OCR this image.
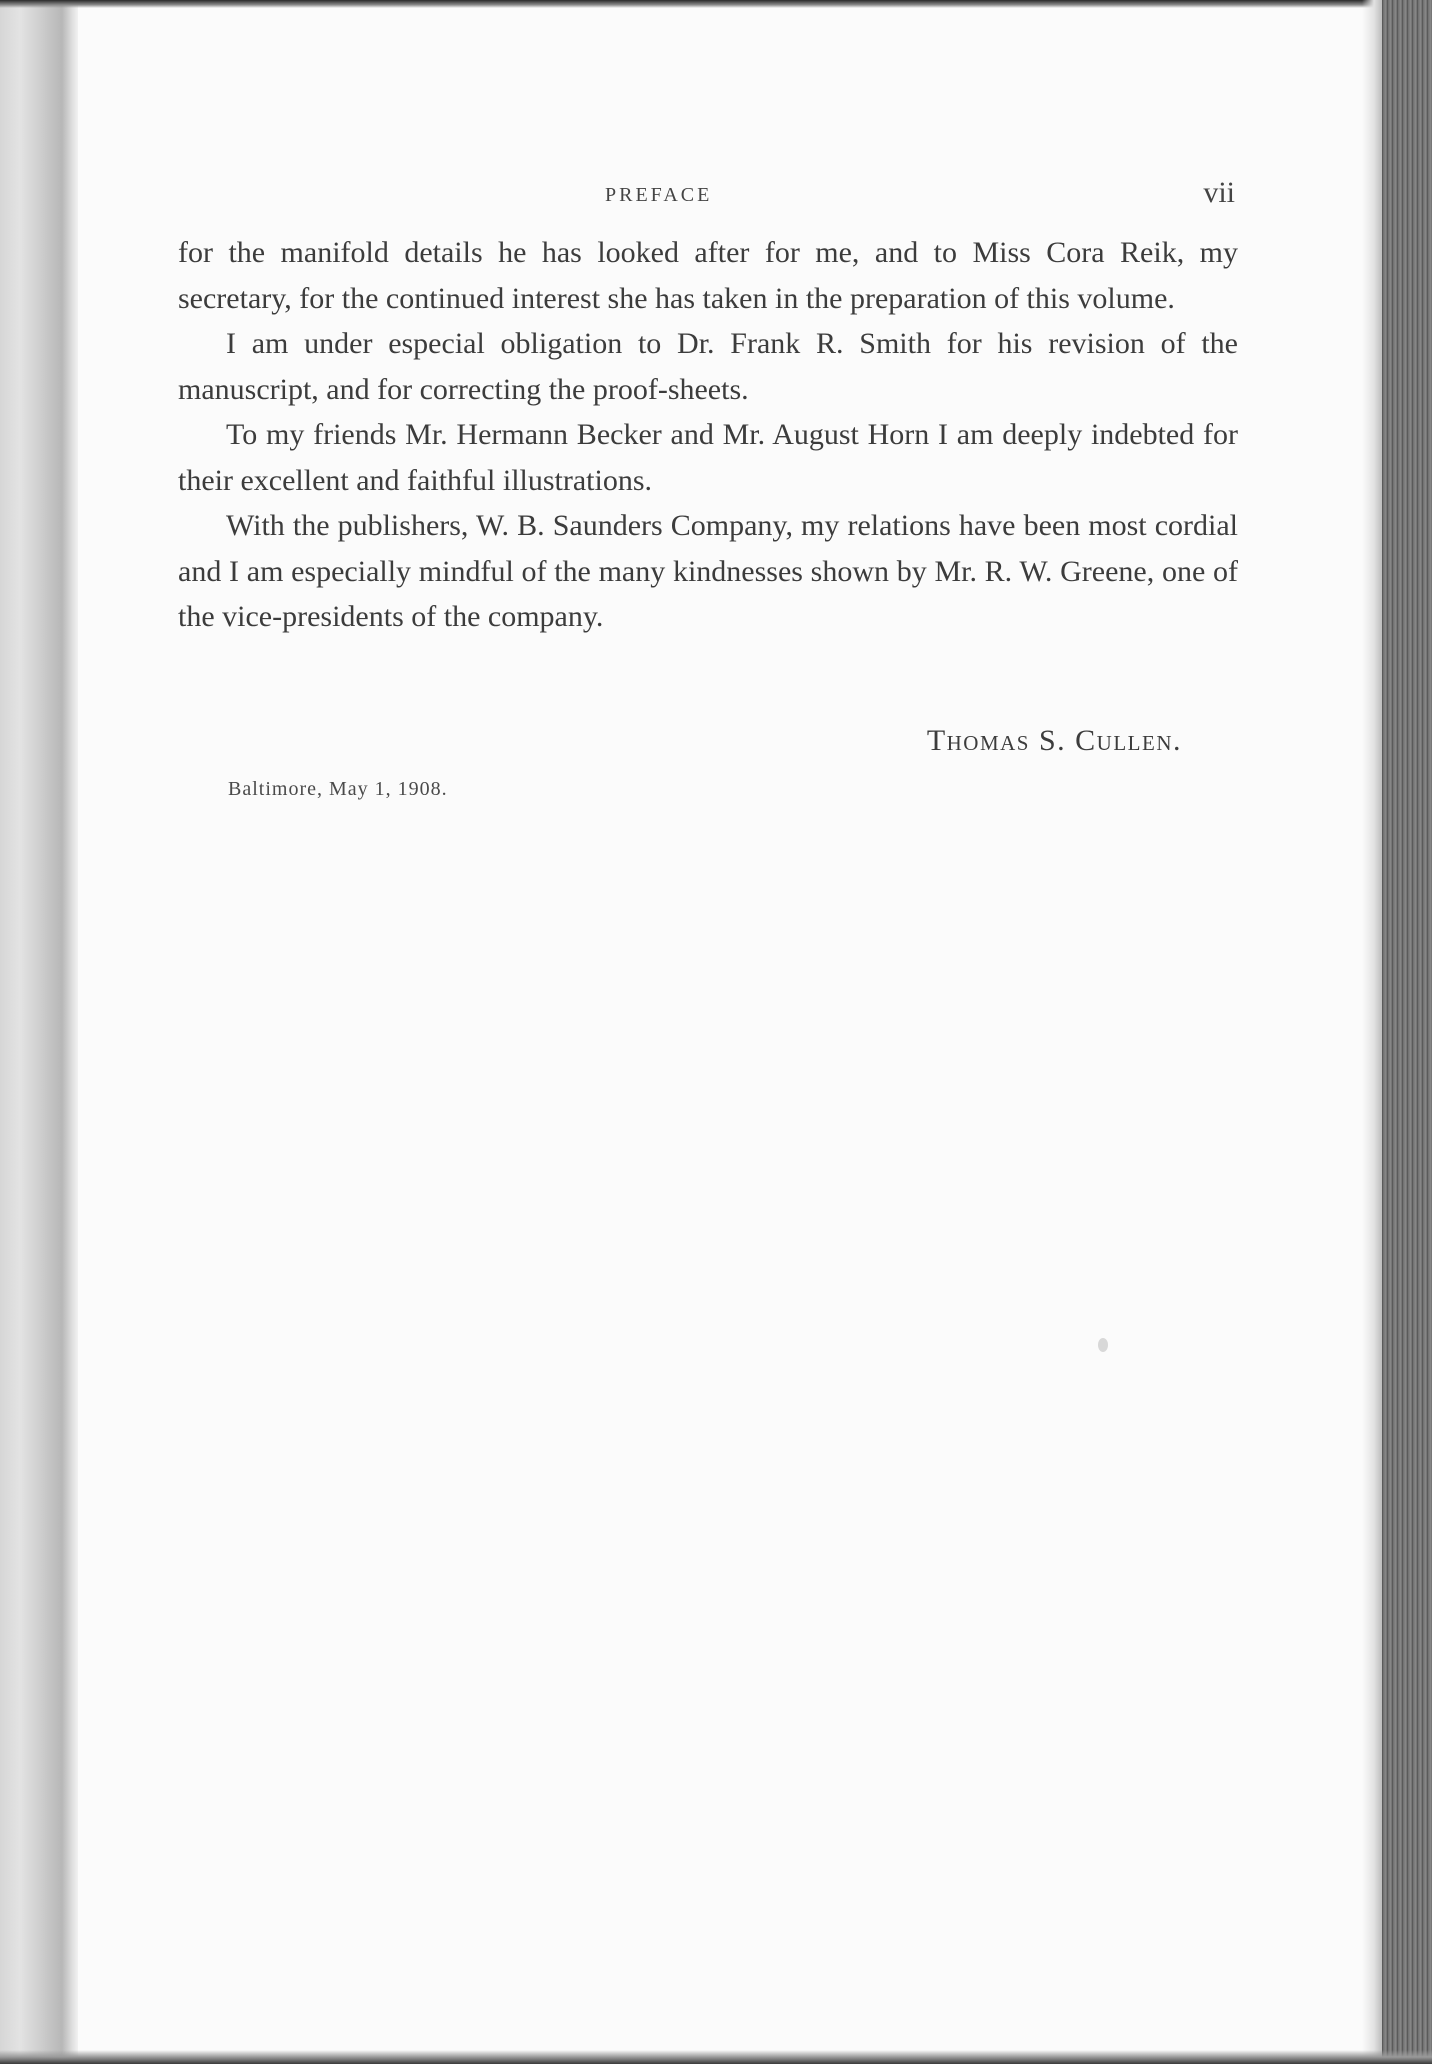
PREFACE	vii

for the manifold details he has looked after for me, and to Miss Cora Reik, my secretary, for the continued interest she has taken in the preparation of this volume.

I am under especial obligation to Dr. Frank R. Smith for his revision of the manuscript, and for correcting the proof-sheets.

To my friends Mr. Hermann Becker and Mr. August Horn I am deeply indebted for their excellent and faithful illustrations.

With the publishers, W. B. Saunders Company, my relations have been most cordial and I am especially mindful of the many kindnesses shown by Mr. R. W. Greene, one of the vice-presidents of the company.

Thomas S. Cullen.
Baltimore, May 1, 1908.
